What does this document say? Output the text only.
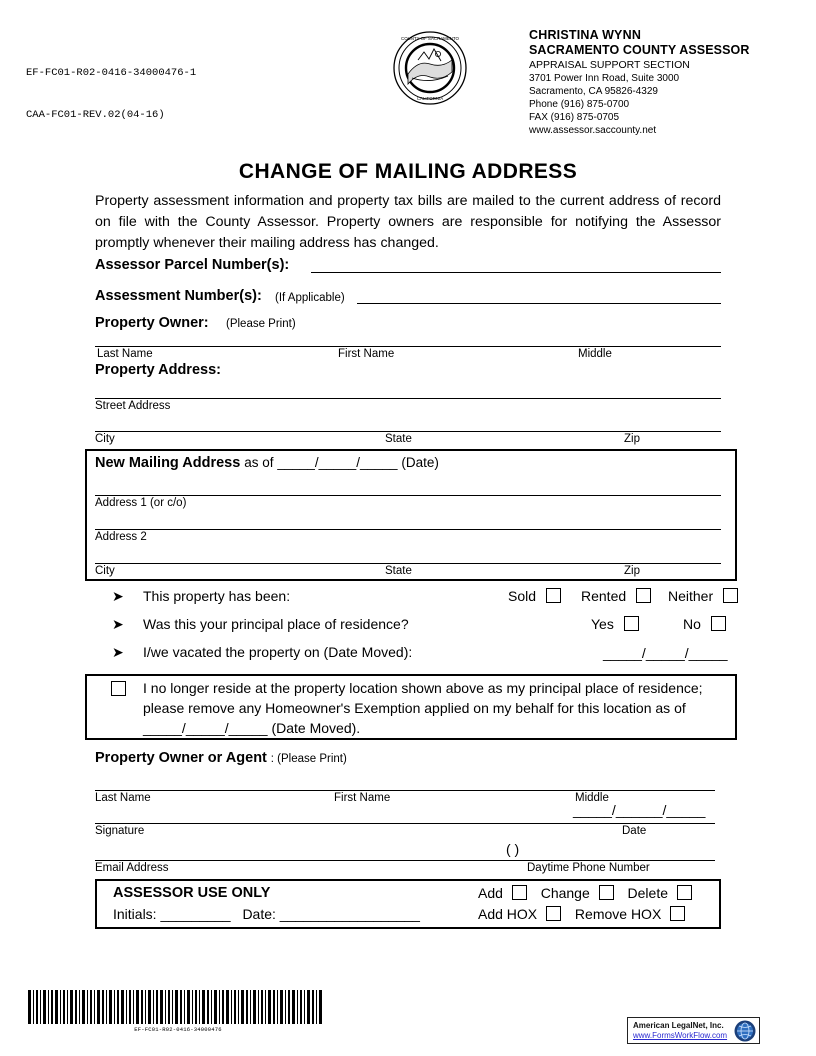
EF-FC01-R02-0416-34000476-1

CAA-FC01-REV.02(04-16)

COUNTY OF SACRAMENTO
CALIFORNIA
CHRISTINA WYNN
SACRAMENTO COUNTY ASSESSOR
APPRAISAL SUPPORT SECTION
3701 Power Inn Road, Suite 3000
Sacramento, CA 95826-4329
Phone (916) 875-0700
FAX (916) 875-0705
www.assessor.saccounty.net
CHANGE OF MAILING ADDRESS
Property assessment information and property tax bills are mailed to the current address of record on file with the County Assessor. Property owners are responsible for notifying the Assessor promptly whenever their mailing address has changed.
Assessor Parcel Number(s):
Assessment Number(s): (If Applicable)
Property Owner: (Please Print)
Last Name	First Name	Middle
Property Address:
Street Address
City	State	Zip
New Mailing Address as of _____/_____/_____ (Date)
Address 1 (or c/o)
Address 2
City	State	Zip
➤ This property has been:	Sold	Rented	Neither
➤ Was this your principal place of residence?	Yes	No
➤ I/we vacated the property on (Date Moved):	_____/_____/_____
I no longer reside at the property location shown above as my principal place of residence; please remove any Homeowner's Exemption applied on my behalf for this location as of _____/_____/_____ (Date Moved).
Property Owner or Agent : (Please Print)
Last Name	First Name	Middle
_____/______/_____
Signature	Date
( )
Email Address	Daytime Phone Number
ASSESSOR USE ONLY
Initials: _________ Date: __________________
Add	Change	Delete
Add HOX	Remove HOX
EF-FC01-R02-0416-34000476	American LegalNet, Inc.
www.FormsWorkFlow.com
